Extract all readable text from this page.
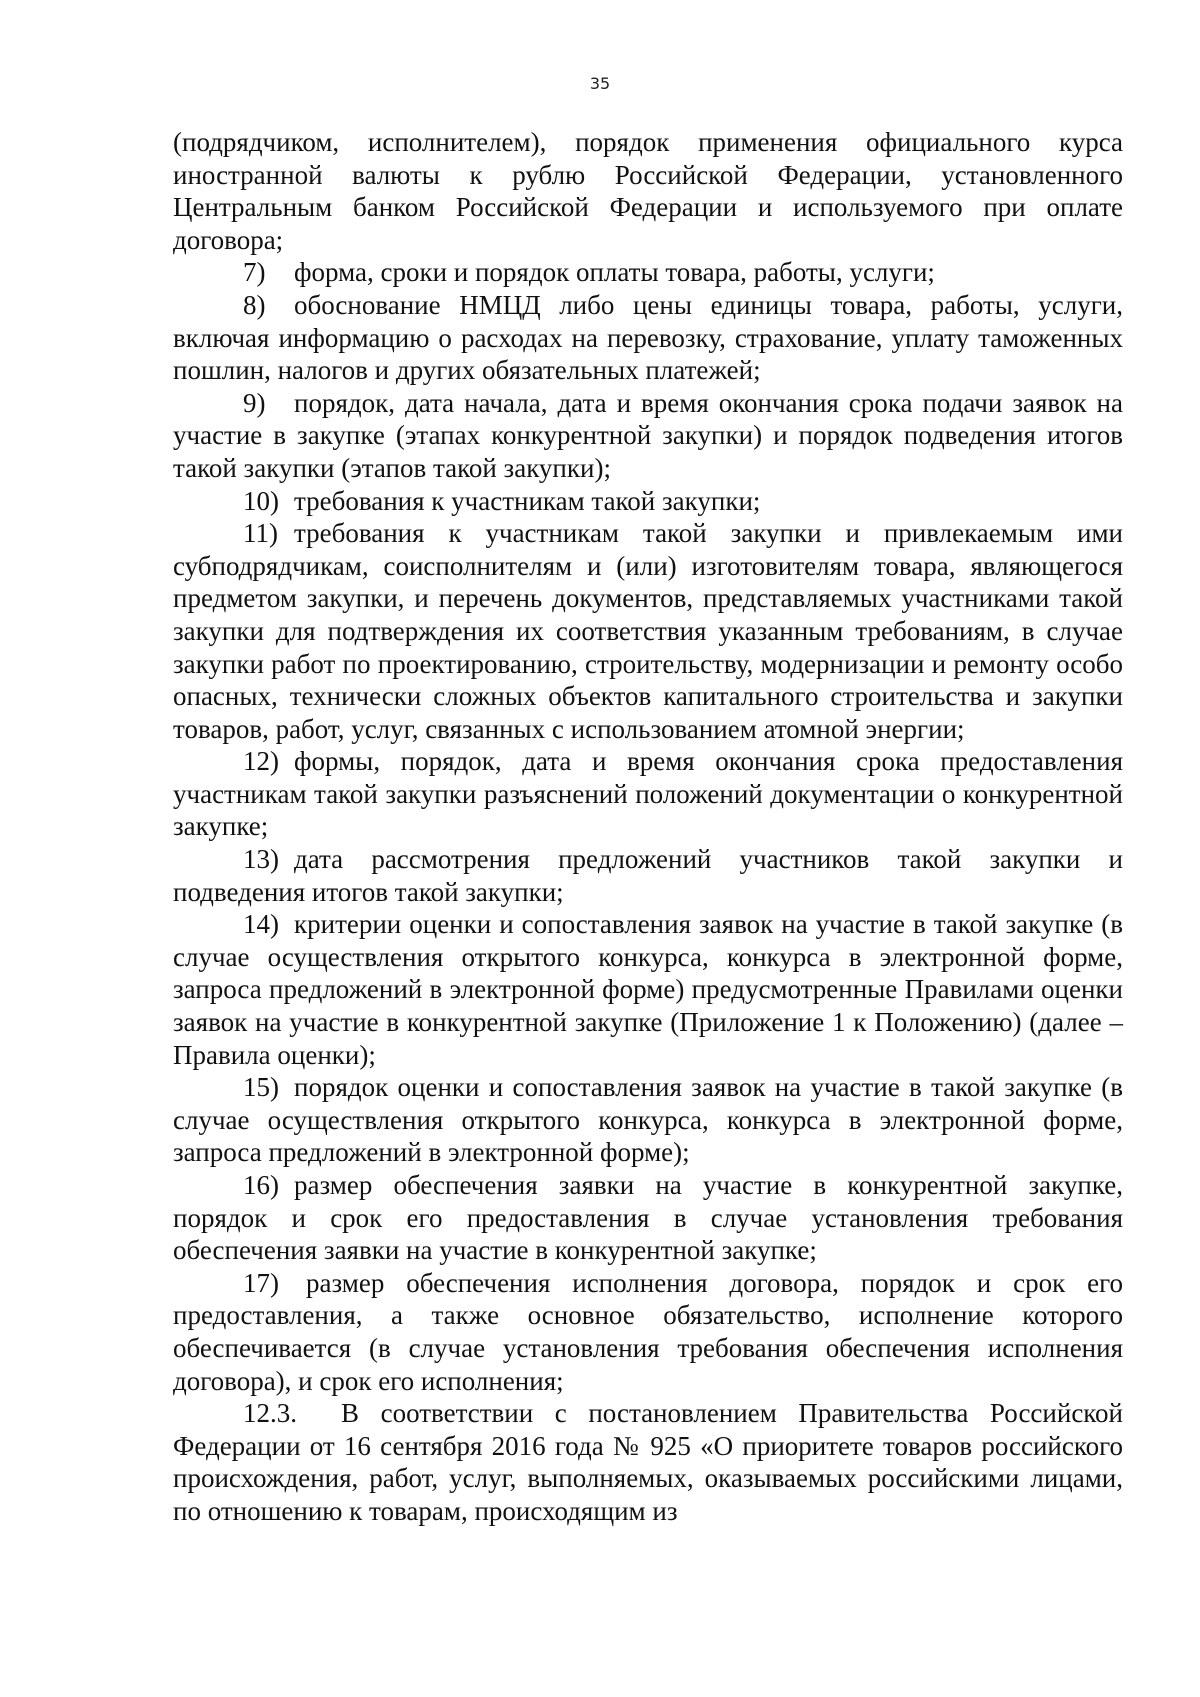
35

(подрядчиком, исполнителем), порядок применения официального курса иностранной валюты к рублю Российской Федерации, установленного Центральным банком Российской Федерации и используемого при оплате договора;

7) форма, сроки и порядок оплаты товара, работы, услуги;

8) обоснование НМЦД либо цены единицы товара, работы, услуги, включая информацию о расходах на перевозку, страхование, уплату таможенных пошлин, налогов и других обязательных платежей;

9) порядок, дата начала, дата и время окончания срока подачи заявок на участие в закупке (этапах конкурентной закупки) и порядок подведения итогов такой закупки (этапов такой закупки);

10) требования к участникам такой закупки;

11) требования к участникам такой закупки и привлекаемым ими субподрядчикам, соисполнителям и (или) изготовителям товара, являющегося предметом закупки, и перечень документов, представляемых участниками такой закупки для подтверждения их соответствия указанным требованиям, в случае закупки работ по проектированию, строительству, модернизации и ремонту особо опасных, технически сложных объектов капитального строительства и закупки товаров, работ, услуг, связанных с использованием атомной энергии;

12) формы, порядок, дата и время окончания срока предоставления участникам такой закупки разъяснений положений документации о конкурентной закупке;

13) дата рассмотрения предложений участников такой закупки и подведения итогов такой закупки;

14) критерии оценки и сопоставления заявок на участие в такой закупке (в случае осуществления открытого конкурса, конкурса в электронной форме, запроса предложений в электронной форме) предусмотренные Правилами оценки заявок на участие в конкурентной закупке (Приложение 1 к Положению) (далее – Правила оценки);

15) порядок оценки и сопоставления заявок на участие в такой закупке (в случае осуществления открытого конкурса, конкурса в электронной форме, запроса предложений в электронной форме);

16) размер обеспечения заявки на участие в конкурентной закупке, порядок и срок его предоставления в случае установления требования обеспечения заявки на участие в конкурентной закупке;

17) размер обеспечения исполнения договора, порядок и срок его предоставления, а также основное обязательство, исполнение которого обеспечивается (в случае установления требования обеспечения исполнения договора), и срок его исполнения;

12.3. В соответствии с постановлением Правительства Российской Федерации от 16 сентября 2016 года № 925 «О приоритете товаров российского происхождения, работ, услуг, выполняемых, оказываемых российскими лицами, по отношению к товарам, происходящим из
